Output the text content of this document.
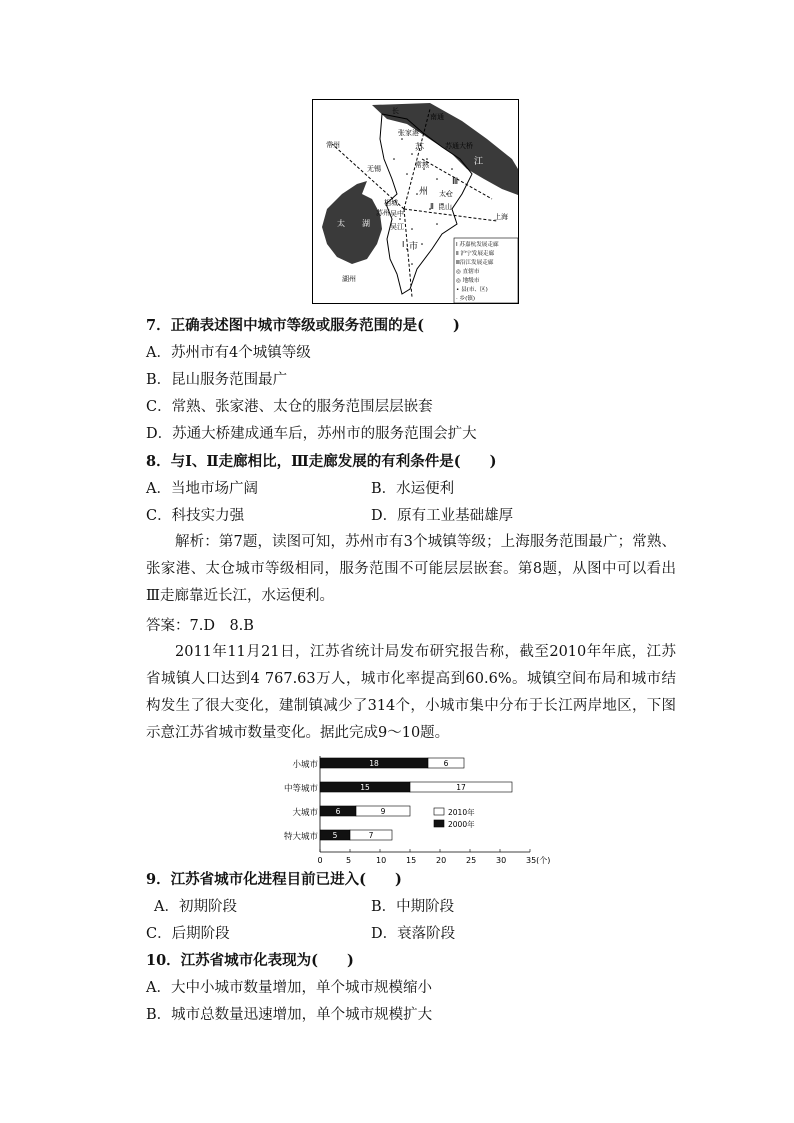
长
南通
张家港
苏通大桥
苏
江
常熟
常州
无锡
Ⅲ
州 太仓
相城	Ⅱ 昆山
苏州 吴中
吴江
太 湖
市
Ⅰ
上海
湖州
Ⅰ 苏嘉杭发展走廊
Ⅱ 沪宁发展走廊
Ⅲ沿江发展走廊
◎ 直辖市
◎ 地级市
• 县(市、区)
· 乡(镇)
7．正确表述图中城市等级或服务范围的是(　　)
A．苏州市有4个城镇等级
B．昆山服务范围最广
C．常熟、张家港、太仓的服务范围层层嵌套
D．苏通大桥建成通车后，苏州市的服务范围会扩大
8．与Ⅰ、Ⅱ走廊相比，Ⅲ走廊发展的有利条件是(　　)
A．当地市场广阔	B．水运便利
C．科技实力强	D．原有工业基础雄厚
解析：第7题，读图可知，苏州市有3个城镇等级；上海服务范围最广；常熟、张家港、太仓城市等级相同，服务范围不可能层层嵌套。第8题，从图中可以看出Ⅲ走廊靠近长江，水运便利。
答案：7.D　8.B
2011年11月21日，江苏省统计局发布研究报告称，截至2010年年底，江苏省城镇人口达到4 767.63万人，城市化率提高到60.6%。城镇空间布局和城市结构发生了很大变化，建制镇减少了314个，小城市集中分布于长江两岸地区，下图示意江苏省城市数量变化。据此完成9～10题。
0	5	10 15 20 25 30 35(个)
小城市	18	6
中等城市	15	17
大城市 6	9
特大城市 5	7
2010年
2000年
9．江苏省城市化进程目前已进入(　　)
A．初期阶段	B．中期阶段
C．后期阶段	D．衰落阶段
10．江苏省城市化表现为(　　)
A．大中小城市数量增加，单个城市规模缩小
B．城市总数量迅速增加，单个城市规模扩大
